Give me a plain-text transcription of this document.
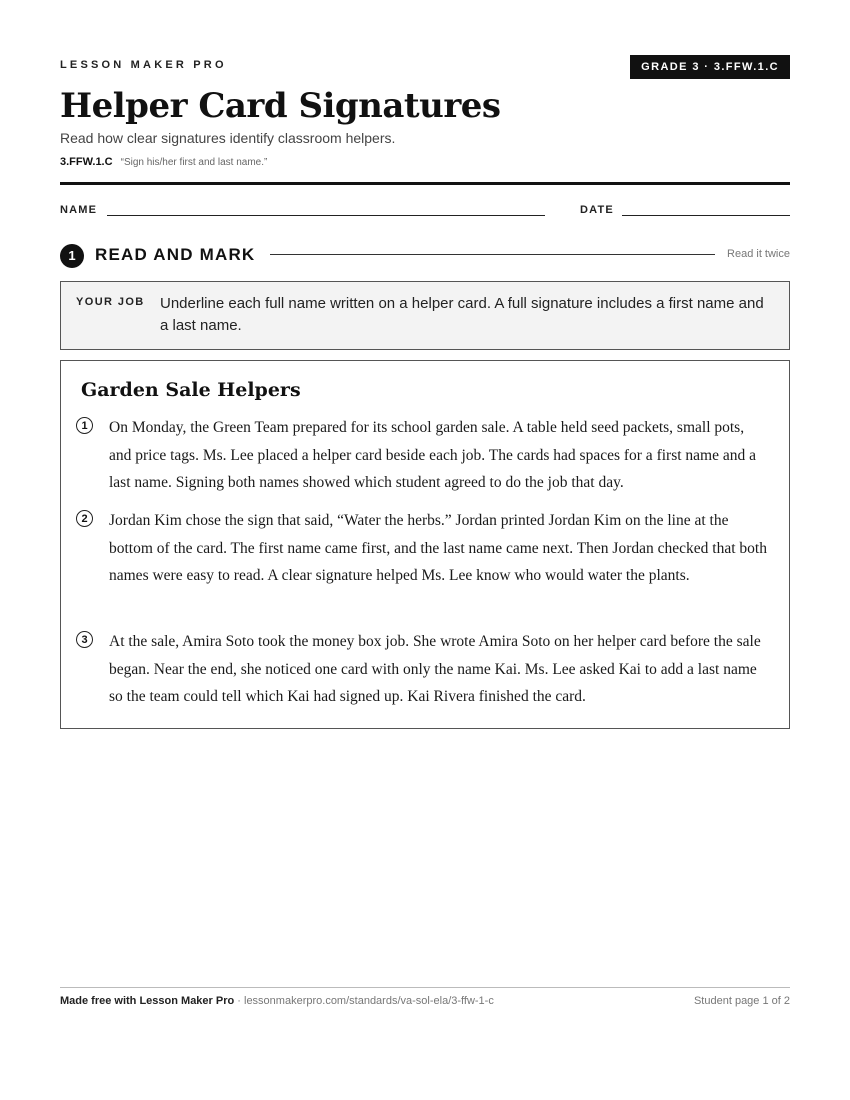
LESSON MAKER PRO	GRADE 3 · 3.FFW.1.C
Helper Card Signatures
Read how clear signatures identify classroom helpers.
3.FFW.1.C “Sign his/her first and last name.”
NAME	DATE
1	READ AND MARK	Read it twice
YOUR JOB Underline each full name written on a helper card. A full signature includes a first name and a last name.
Garden Sale Helpers
1	On Monday, the Green Team prepared for its school garden sale. A table held seed packets, small pots, and price tags. Ms. Lee placed a helper card beside each job. The cards had spaces for a first name and a last name. Signing both names showed which student agreed to do the job that day.
2	Jordan Kim chose the sign that said, “Water the herbs.” Jordan printed Jordan Kim on the line at the bottom of the card. The first name came first, and the last name came next. Then Jordan checked that both names were easy to read. A clear signature helped Ms. Lee know who would water the plants.
3	At the sale, Amira Soto took the money box job. She wrote Amira Soto on her helper card before the sale began. Near the end, she noticed one card with only the name Kai. Ms. Lee asked Kai to add a last name so the team could tell which Kai had signed up. Kai Rivera finished the card.
Made free with Lesson Maker Pro · lessonmakerpro.com/standards/va-sol-ela/3-ffw-1-c	Student page 1 of 2
